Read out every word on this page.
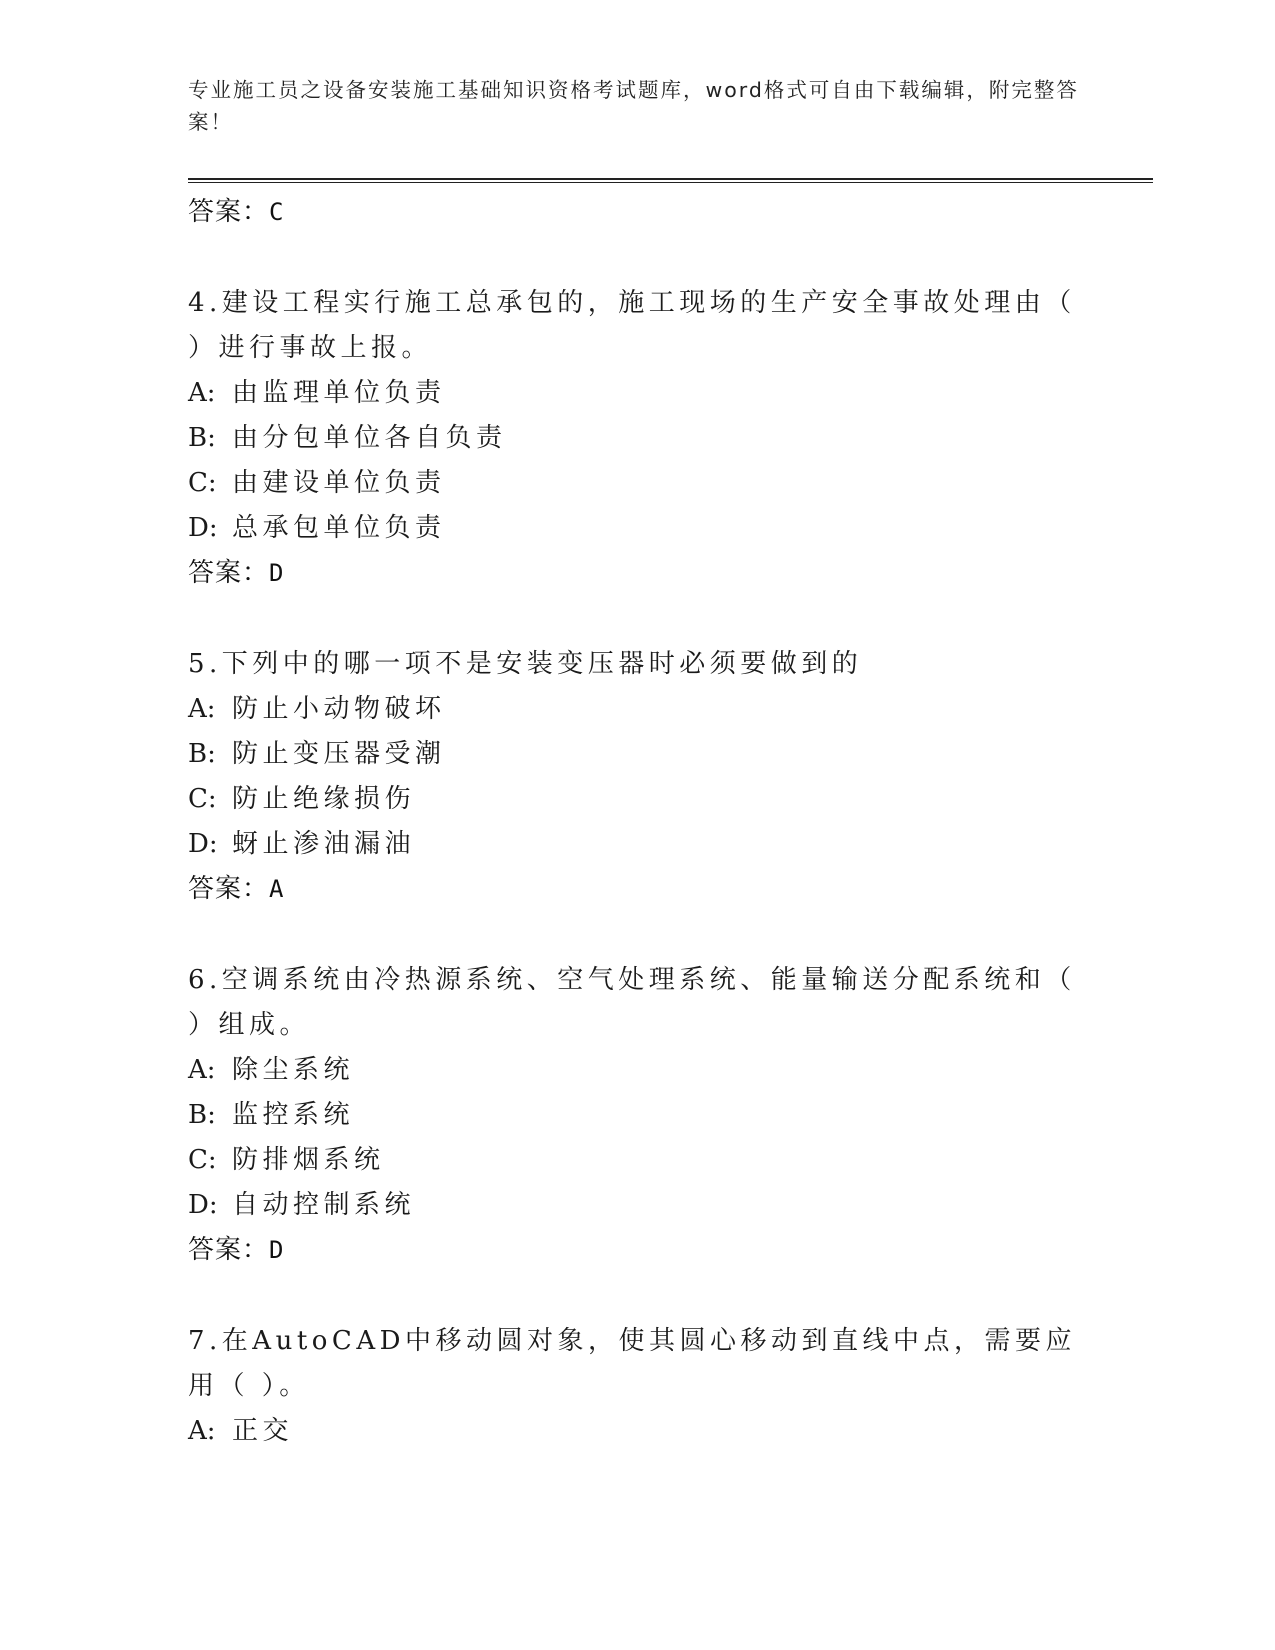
专业施工员之设备安装施工基础知识资格考试题库，word格式可自由下载编辑，附完整答案！
答案：C
4.建设工程实行施工总承包的，施工现场的生产安全事故处理由（ ）进行事故上报。
A: 由监理单位负责
B: 由分包单位各自负责
C: 由建设单位负责
D: 总承包单位负责
答案：D
5.下列中的哪一项不是安装变压器时必须要做到的
A: 防止小动物破坏
B: 防止变压器受潮
C: 防止绝缘损伤
D: 蚜止渗油漏油
答案：A
6.空调系统由冷热源系统、空气处理系统、能量输送分配系统和（ ）组成。
A: 除尘系统
B: 监控系统
C: 防排烟系统
D: 自动控制系统
答案：D
7.在AutoCAD中移动圆对象，使其圆心移动到直线中点，需要应用（ ）。
A: 正交
